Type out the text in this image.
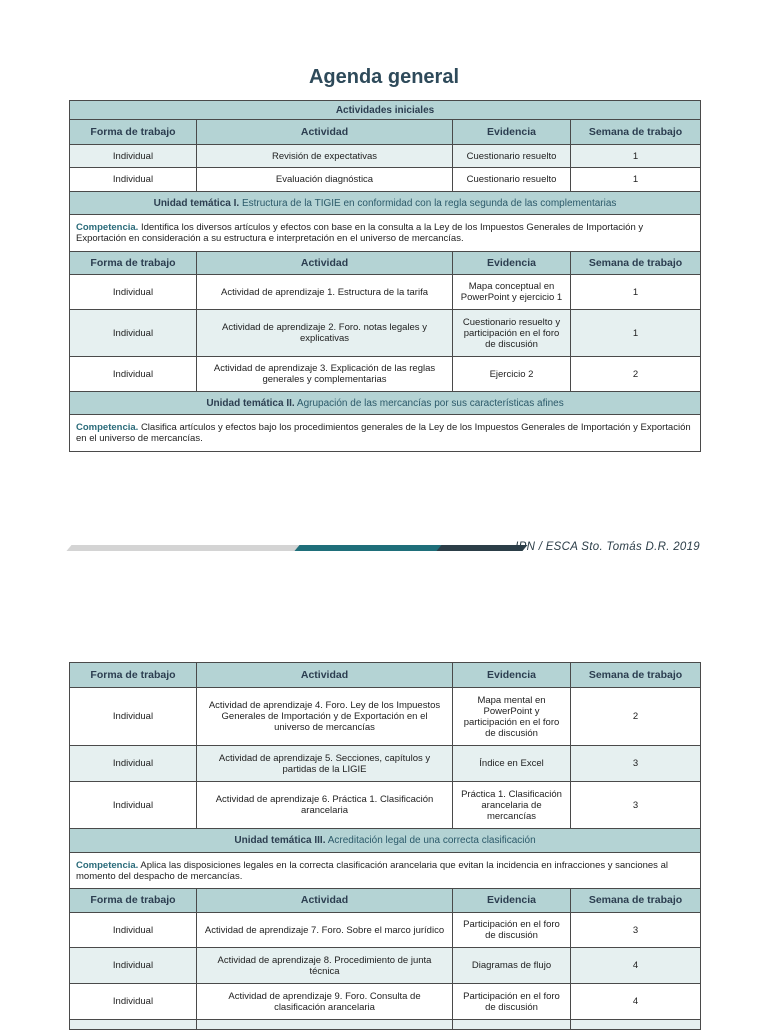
Agenda general
Actividades iniciales			
Forma de trabajo	Actividad	Evidencia	Semana de trabajo
Individual	Revisión de expectativas	Cuestionario resuelto	1
Individual	Evaluación diagnóstica	Cuestionario resuelto	1
Unidad temática I. Estructura de la TIGIE en conformidad con la regla segunda de las complementarias			
Competencia. Identifica los diversos artículos y efectos con base en la consulta a la Ley de los Impuestos Generales de Importación y Exportación en consideración a su estructura e interpretación en el universo de mercancías.			
Forma de trabajo	Actividad	Evidencia	Semana de trabajo
Individual	Actividad de aprendizaje 1. Estructura de la tarifa	Mapa conceptual en PowerPoint y ejercicio 1	1
Individual	Actividad de aprendizaje 2. Foro. notas legales y explicativas	Cuestionario resuelto y participación en el foro de discusión	1
Individual	Actividad de aprendizaje 3. Explicación de las reglas generales y complementarias	Ejercicio 2	2
Unidad temática II. Agrupación de las mercancías por sus características afines			
Competencia. Clasifica artículos y efectos bajo los procedimientos generales de la Ley de los Impuestos Generales de Importación y Exportación en el universo de mercancías.			
IPN / ESCA Sto. Tomás D.R. 2019
Forma de trabajo	Actividad	Evidencia	Semana de trabajo
Individual	Actividad de aprendizaje 4. Foro. Ley de los Impuestos Generales de Importación y de Exportación en el universo de mercancías	Mapa mental en PowerPoint y participación en el foro de discusión	2
Individual	Actividad de aprendizaje 5. Secciones, capítulos y partidas de la LIGIE	Índice en Excel	3
Individual	Actividad de aprendizaje 6. Práctica 1. Clasificación arancelaria	Práctica 1. Clasificación arancelaria de mercancías	3
Unidad temática III. Acreditación legal de una correcta clasificación			
Competencia. Aplica las disposiciones legales en la correcta clasificación arancelaria que evitan la incidencia en infracciones y sanciones al momento del despacho de mercancías.			
Forma de trabajo	Actividad	Evidencia	Semana de trabajo
Individual	Actividad de aprendizaje 7. Foro. Sobre el marco jurídico	Participación en el foro de discusión	3
Individual	Actividad de aprendizaje 8. Procedimiento de junta técnica	Diagramas de flujo	4
Individual	Actividad de aprendizaje 9. Foro. Consulta de clasificación arancelaria	Participación en el foro de discusión	4
